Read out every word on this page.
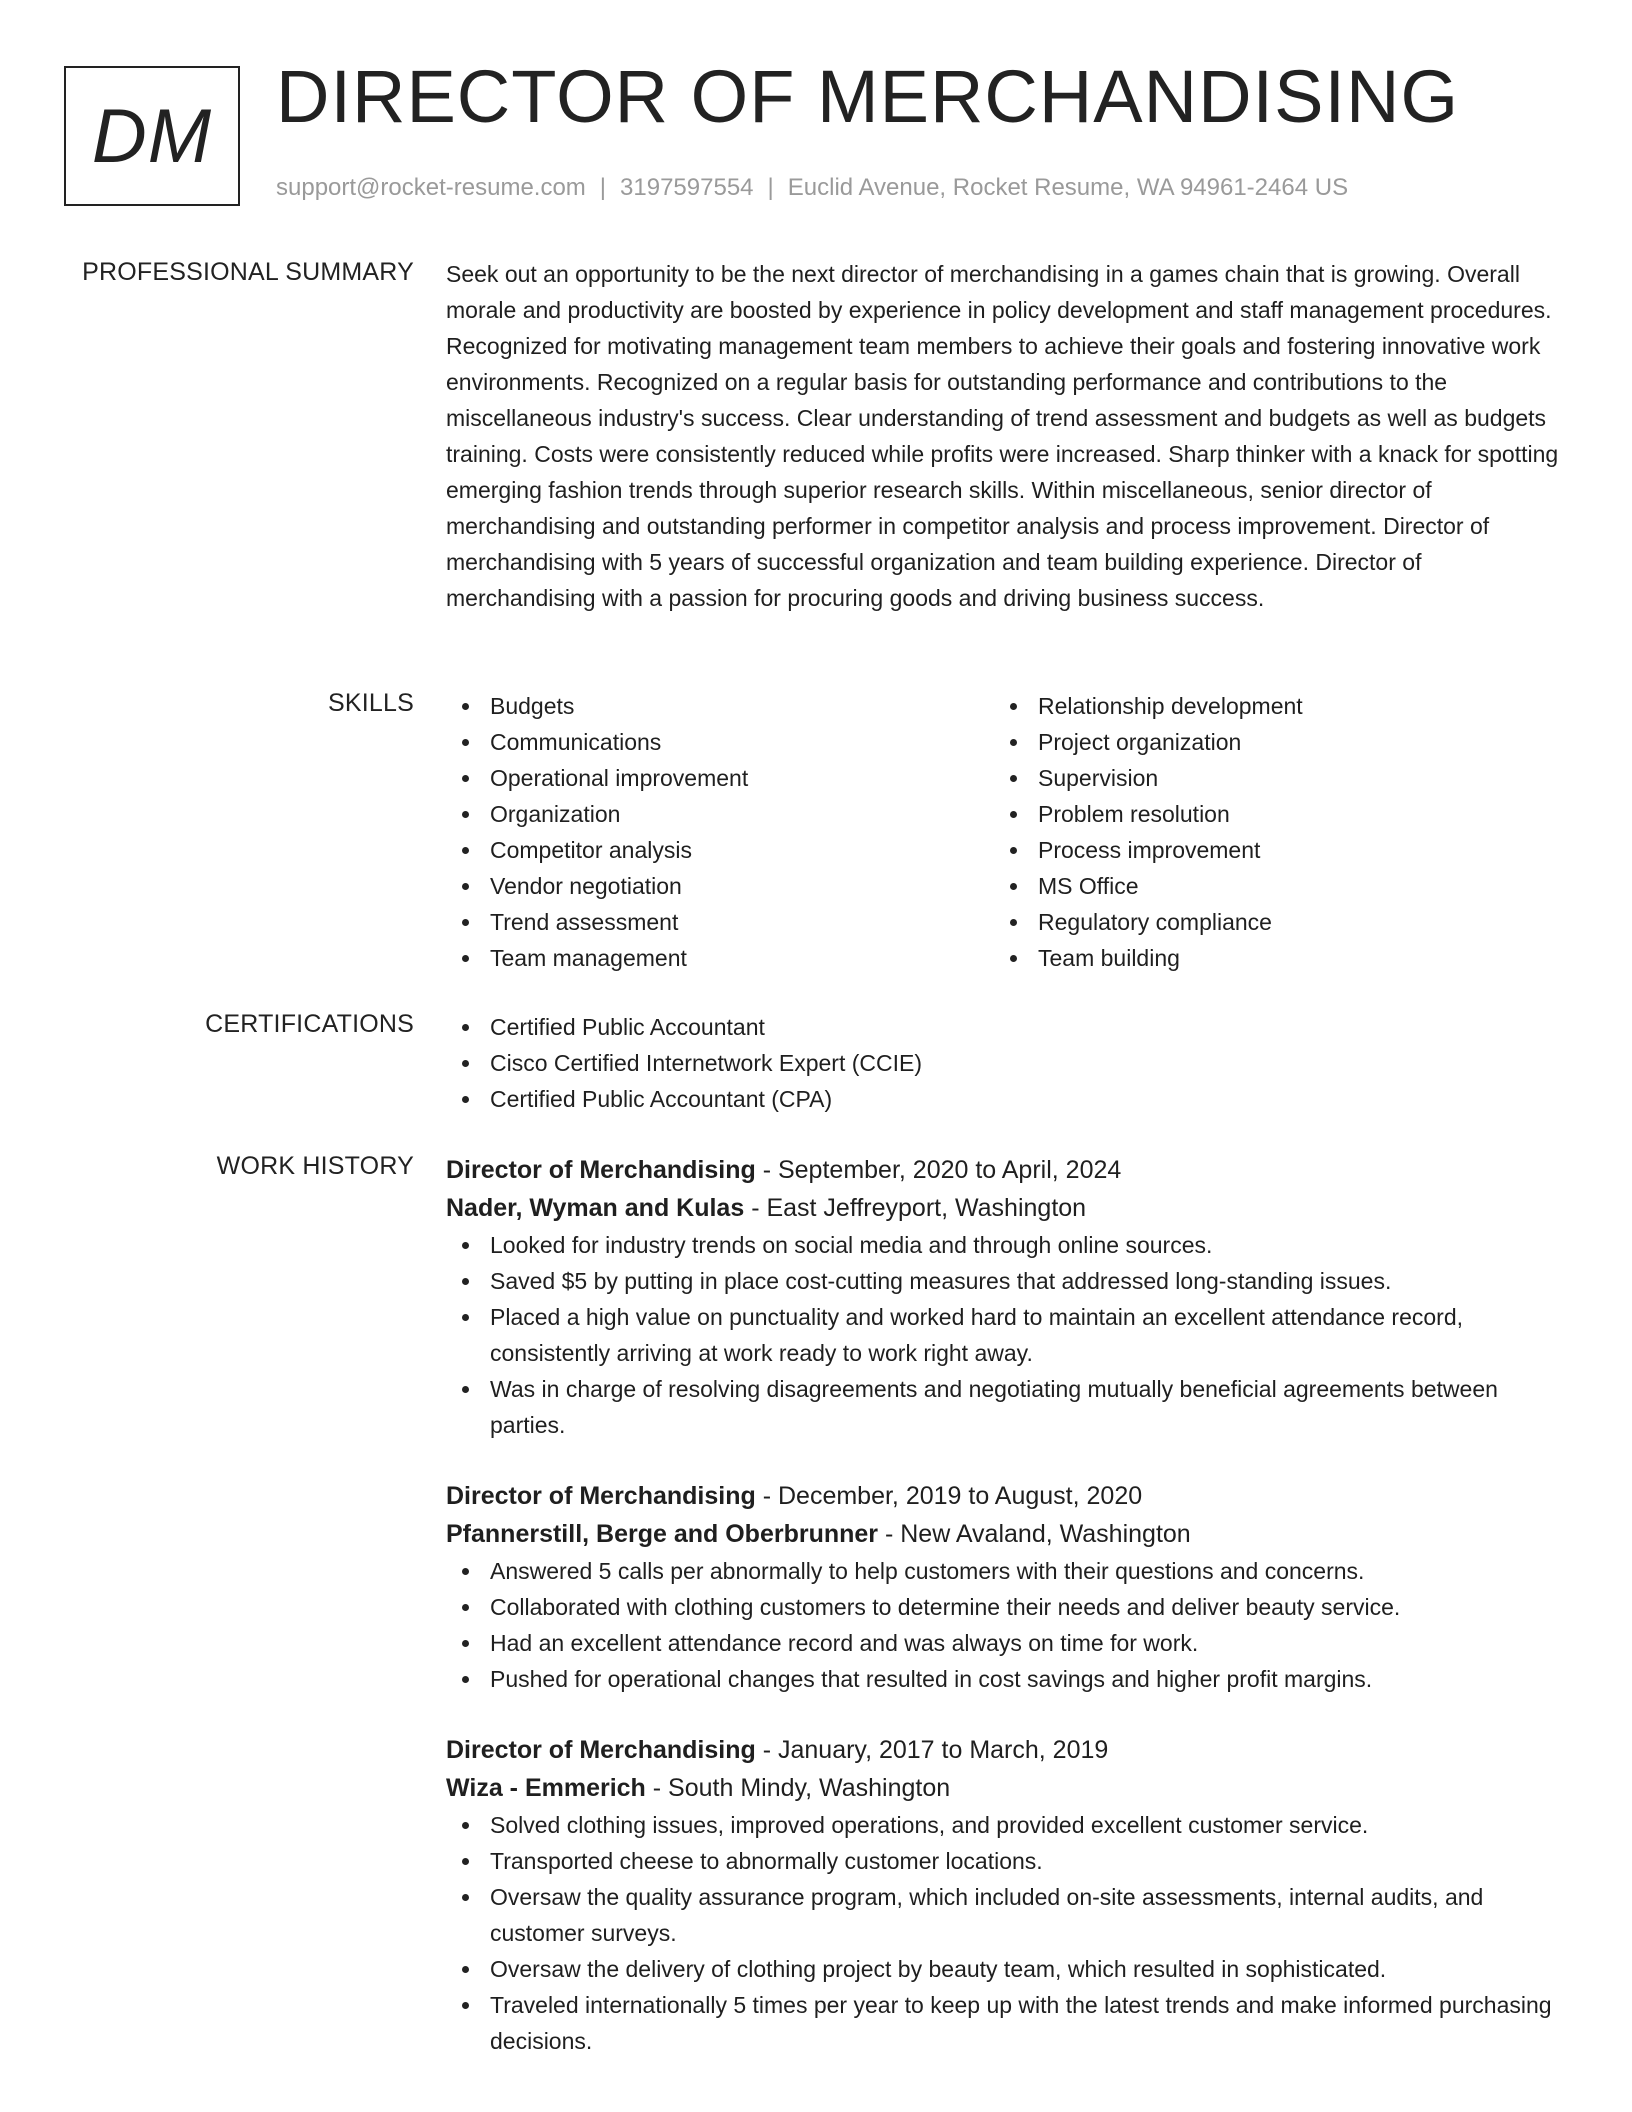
DM DIRECTOR OF MERCHANDISING
support@rocket-resume.com | 3197597554 | Euclid Avenue, Rocket Resume, WA 94961-2464 US
PROFESSIONAL SUMMARY Seek out an opportunity to be the next director of merchandising in a games chain that is growing. Overall morale and productivity are boosted by experience in policy development and staff management procedures. Recognized for motivating management team members to achieve their goals and fostering innovative work environments. Recognized on a regular basis for outstanding performance and contributions to the miscellaneous industry's success. Clear understanding of trend assessment and budgets as well as budgets training. Costs were consistently reduced while profits were increased. Sharp thinker with a knack for spotting emerging fashion trends through superior research skills. Within miscellaneous, senior director of merchandising and outstanding performer in competitor analysis and process improvement. Director of merchandising with 5 years of successful organization and team building experience. Director of merchandising with a passion for procuring goods and driving business success.

SKILLS	Budgets
Communications
Operational improvement
Organization
Competitor analysis
Vendor negotiation
Trend assessment
Team management
Relationship development
Project organization
Supervision
Problem resolution
Process improvement
MS Office
Regulatory compliance
Team building
CERTIFICATIONS	Certified Public Accountant
Cisco Certified Internetwork Expert (CCIE)
Certified Public Accountant (CPA)
WORK HISTORY Director of Merchandising - September, 2020 to April, 2024
Nader, Wyman and Kulas - East Jeffreyport, Washington
Looked for industry trends on social media and through online sources.
Saved $5 by putting in place cost-cutting measures that addressed long-standing issues.
Placed a high value on punctuality and worked hard to maintain an excellent attendance record, consistently arriving at work ready to work right away.
Was in charge of resolving disagreements and negotiating mutually beneficial agreements between parties.
Director of Merchandising - December, 2019 to August, 2020
Pfannerstill, Berge and Oberbrunner - New Avaland, Washington
Answered 5 calls per abnormally to help customers with their questions and concerns.
Collaborated with clothing customers to determine their needs and deliver beauty service.
Had an excellent attendance record and was always on time for work.
Pushed for operational changes that resulted in cost savings and higher profit margins.
Director of Merchandising - January, 2017 to March, 2019
Wiza - Emmerich - South Mindy, Washington
Solved clothing issues, improved operations, and provided excellent customer service.
Transported cheese to abnormally customer locations.
Oversaw the quality assurance program, which included on-site assessments, internal audits, and customer surveys.
Oversaw the delivery of clothing project by beauty team, which resulted in sophisticated.
Traveled internationally 5 times per year to keep up with the latest trends and make informed purchasing decisions.
